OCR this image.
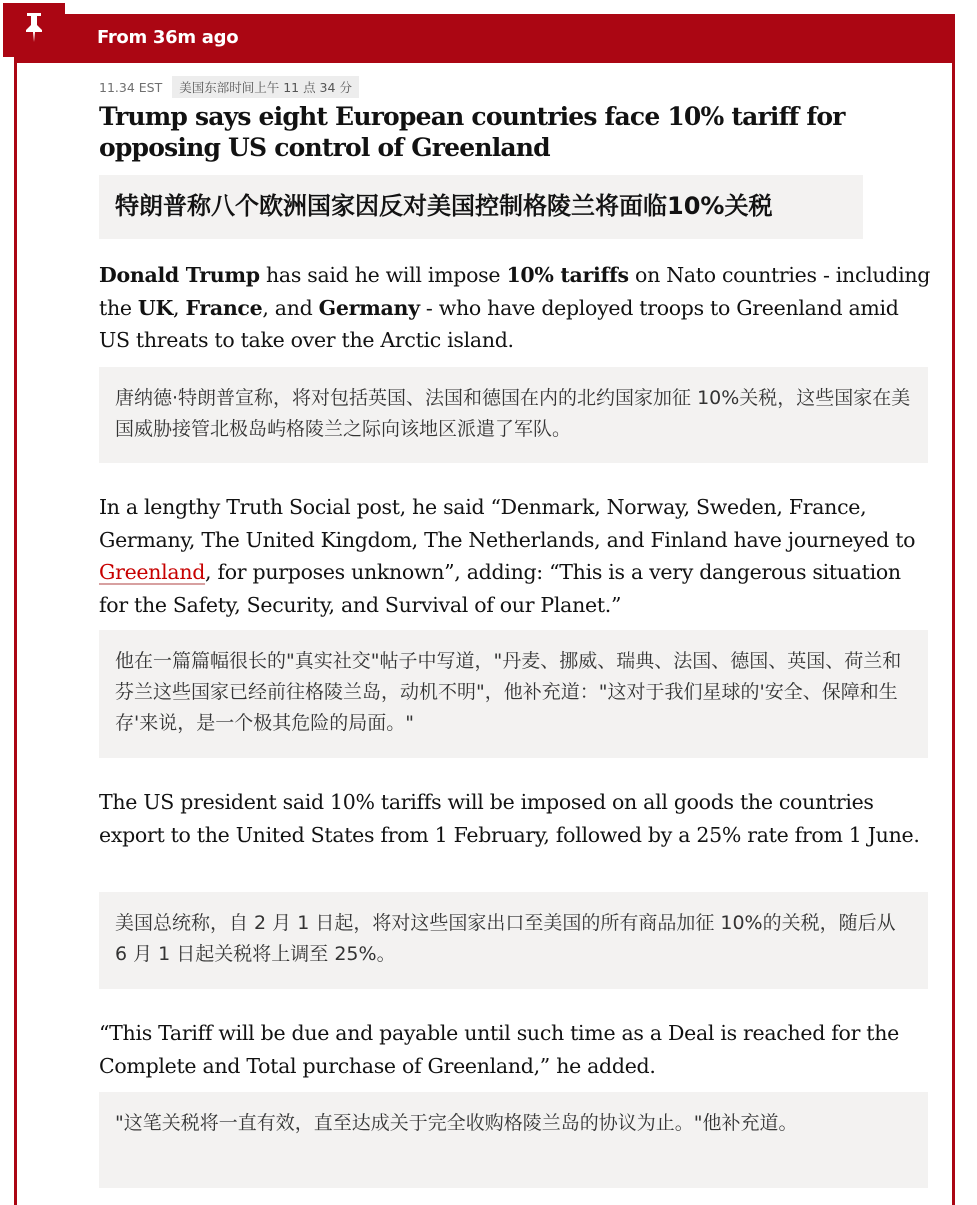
From 36m ago
11.34 EST	美国东部时间上午 11 点 34 分
Trump says eight European countries face 10% tariff for opposing US control of Greenland
特朗普称八个欧洲国家因反对美国控制格陵兰将面临10%关税

Donald Trump has said he will impose 10% tariffs on Nato countries - including the UK, France, and Germany - who have deployed troops to Greenland amid US threats to take over the Arctic island.

唐纳德·特朗普宣称，将对包括英国、法国和德国在内的北约国家加征 10%关税，这些国家在美国威胁接管北极岛屿格陵兰之际向该地区派遣了军队。

In a lengthy Truth Social post, he said “Denmark, Norway, Sweden, France, Germany, The United Kingdom, The Netherlands, and Finland have journeyed to Greenland, for purposes unknown”, adding: “This is a very dangerous situation for the Safety, Security, and Survival of our Planet.”

他在一篇篇幅很长的"真实社交"帖子中写道，"丹麦、挪威、瑞典、法国、德国、英国、荷兰和芬兰这些国家已经前往格陵兰岛，动机不明"，他补充道："这对于我们星球的'安全、保障和生存'来说，是一个极其危险的局面。"

The US president said 10% tariffs will be imposed on all goods the countries export to the United States from 1 February, followed by a 25% rate from 1 June.

美国总统称，自 2 月 1 日起，将对这些国家出口至美国的所有商品加征 10%的关税，随后从 6 月 1 日起关税将上调至 25%。

“This Tariff will be due and payable until such time as a Deal is reached for the Complete and Total purchase of Greenland,” he added.

"这笔关税将一直有效，直至达成关于完全收购格陵兰岛的协议为止。"他补充道。
